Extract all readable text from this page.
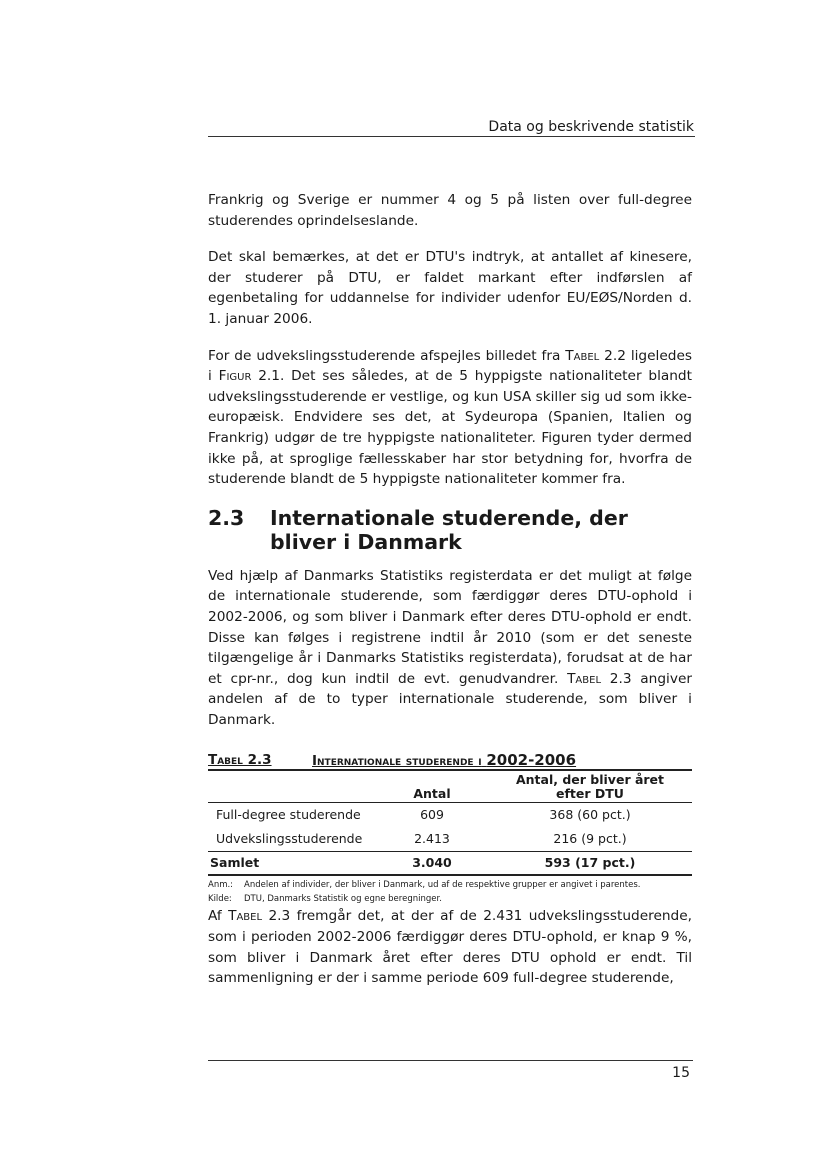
Data og beskrivende statistik

Frankrig og Sverige er nummer 4 og 5 på listen over full-degree studerendes oprindelseslande.

Det skal bemærkes, at det er DTU's indtryk, at antallet af kinesere, der studerer på DTU, er faldet markant efter indførslen af egenbetaling for uddannelse for individer udenfor EU/EØS/Norden d. 1. januar 2006.

For de udvekslingsstuderende afspejles billedet fra Tabel 2.2 ligeledes i Figur 2.1. Det ses således, at de 5 hyppigste nationaliteter blandt udvekslingsstuderende er vestlige, og kun USA skiller sig ud som ikke-europæisk. Endvidere ses det, at Sydeuropa (Spanien, Italien og Frankrig) udgør de tre hyppigste nationaliteter. Figuren tyder dermed ikke på, at sproglige fællesskaber har stor betydning for, hvorfra de studerende blandt de 5 hyppigste nationaliteter kommer fra.

2.3	Internationale studerende, der bliver i Danmark

Ved hjælp af Danmarks Statistiks registerdata er det muligt at følge de internationale studerende, som færdiggør deres DTU-ophold i 2002-2006, og som bliver i Danmark efter deres DTU-ophold er endt. Disse kan følges i registrene indtil år 2010 (som er det seneste tilgængelige år i Danmarks Statistiks registerdata), forudsat at de har et cpr-nr., dog kun indtil de evt. genudvandrer. Tabel 2.3 angiver andelen af de to typer internationale studerende, som bliver i Danmark.

Tabel 2.3	Internationale studerende i 2002-2006
	Antal	Antal, der bliver året
efter DTU
Full-degree studerende	609	368 (60 pct.)
Udvekslingsstuderende	2.413	216 (9 pct.)
Samlet	3.040	593 (17 pct.)
Anm.:	Andelen af individer, der bliver i Danmark, ud af de respektive grupper er angivet i parentes.
Kilde:	DTU, Danmarks Statistik og egne beregninger.

Af Tabel 2.3 fremgår det, at der af de 2.431 udvekslingsstuderende, som i perioden 2002-2006 færdiggør deres DTU-ophold, er knap 9 %, som bliver i Danmark året efter deres DTU ophold er endt. Til sammenligning er der i samme periode 609 full-degree studerende,

15
